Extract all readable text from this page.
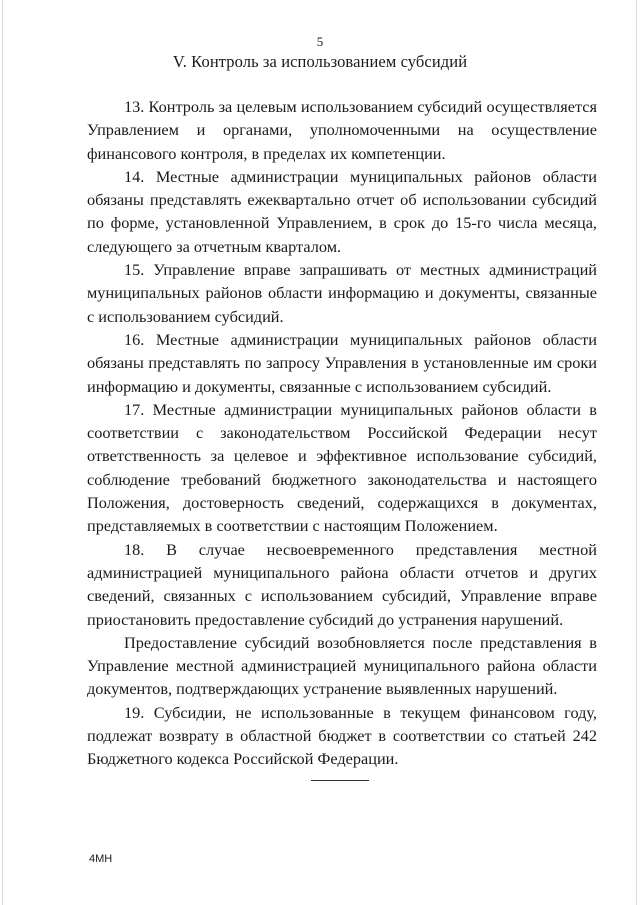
5
V. Контроль за использованием субсидий

13. Контроль за целевым использованием субсидий осуществляется Управлением и органами, уполномоченными на осуществление финансового контроля, в пределах их компетенции.

14. Местные администрации муниципальных районов области обязаны представлять ежеквартально отчет об использовании субсидий по форме, установленной Управлением, в срок до 15-го числа месяца, следующего за отчетным кварталом.

15. Управление вправе запрашивать от местных администраций муниципальных районов области информацию и документы, связанные с использованием субсидий.

16. Местные администрации муниципальных районов области обязаны представлять по запросу Управления в установленные им сроки информацию и документы, связанные с использованием субсидий.

17. Местные администрации муниципальных районов области в соответствии с законодательством Российской Федерации несут ответственность за целевое и эффективное использование субсидий, соблюдение требований бюджетного законодательства и настоящего Положения, достоверность сведений, содержащихся в документах, представляемых в соответствии с настоящим Положением.

18. В случае несвоевременного представления местной администрацией муниципального района области отчетов и других сведений, связанных с использованием субсидий, Управление вправе приостановить предоставление субсидий до устранения нарушений.

Предоставление субсидий возобновляется после представления в Управление местной администрацией муниципального района области документов, подтверждающих устранение выявленных нарушений.

19. Субсидии, не использованные в текущем финансовом году, подлежат возврату в областной бюджет в соответствии со статьей 242 Бюджетного кодекса Российской Федерации.

4МН
